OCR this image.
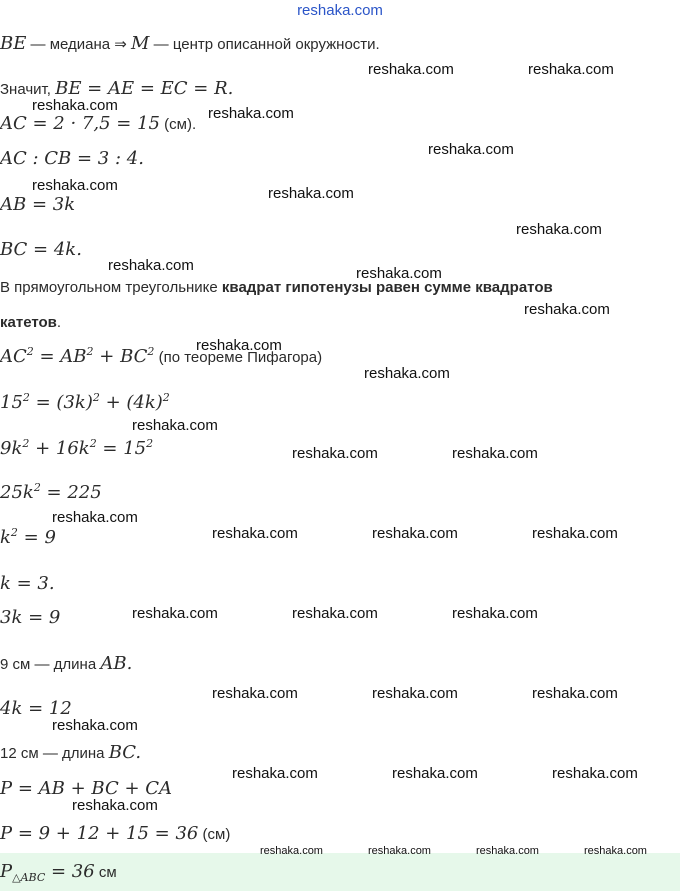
reshaka.com
BE — медиана ⇒ M — центр описанной окружности.
Значит, BE = AE = EC = R.
AC = 2 · 7,5 = 15 (см).
AC : CB = 3 : 4.
AB = 3k
BC = 4k.
В прямоугольном треугольнике квадрат гипотенузы равен сумме квадратов
катетов.
$AC^2 = AB^2 + BC^2$ (по теореме Пифагора)
$15^2 = (3k)^2 + (4k)^2$
$9k^2 + 16k^2 = 15^2$
$25k^2 = 225$
$k^2 = 9$
k = 3.
3k = 9
9 см — длина AB.
4k = 12
12 см — длина BC.
P = AB + BC + CA
P = 9 + 12 + 15 = 36 (см)
$P_{\triangle ABC} = 36$ см
reshaka.com	reshaka.com
reshaka.com	reshaka.com
reshaka.com
reshaka.com	reshaka.com
reshaka.com
reshaka.com	reshaka.com
reshaka.com
reshaka.com
reshaka.com
reshaka.com
reshaka.com	reshaka.com
reshaka.com
reshaka.com	reshaka.com	reshaka.com
reshaka.com	reshaka.com	reshaka.com
reshaka.com	reshaka.com	reshaka.com
reshaka.com
reshaka.com	reshaka.com	reshaka.com
reshaka.com
reshaka.com	reshaka.com	reshaka.com	reshaka.com
